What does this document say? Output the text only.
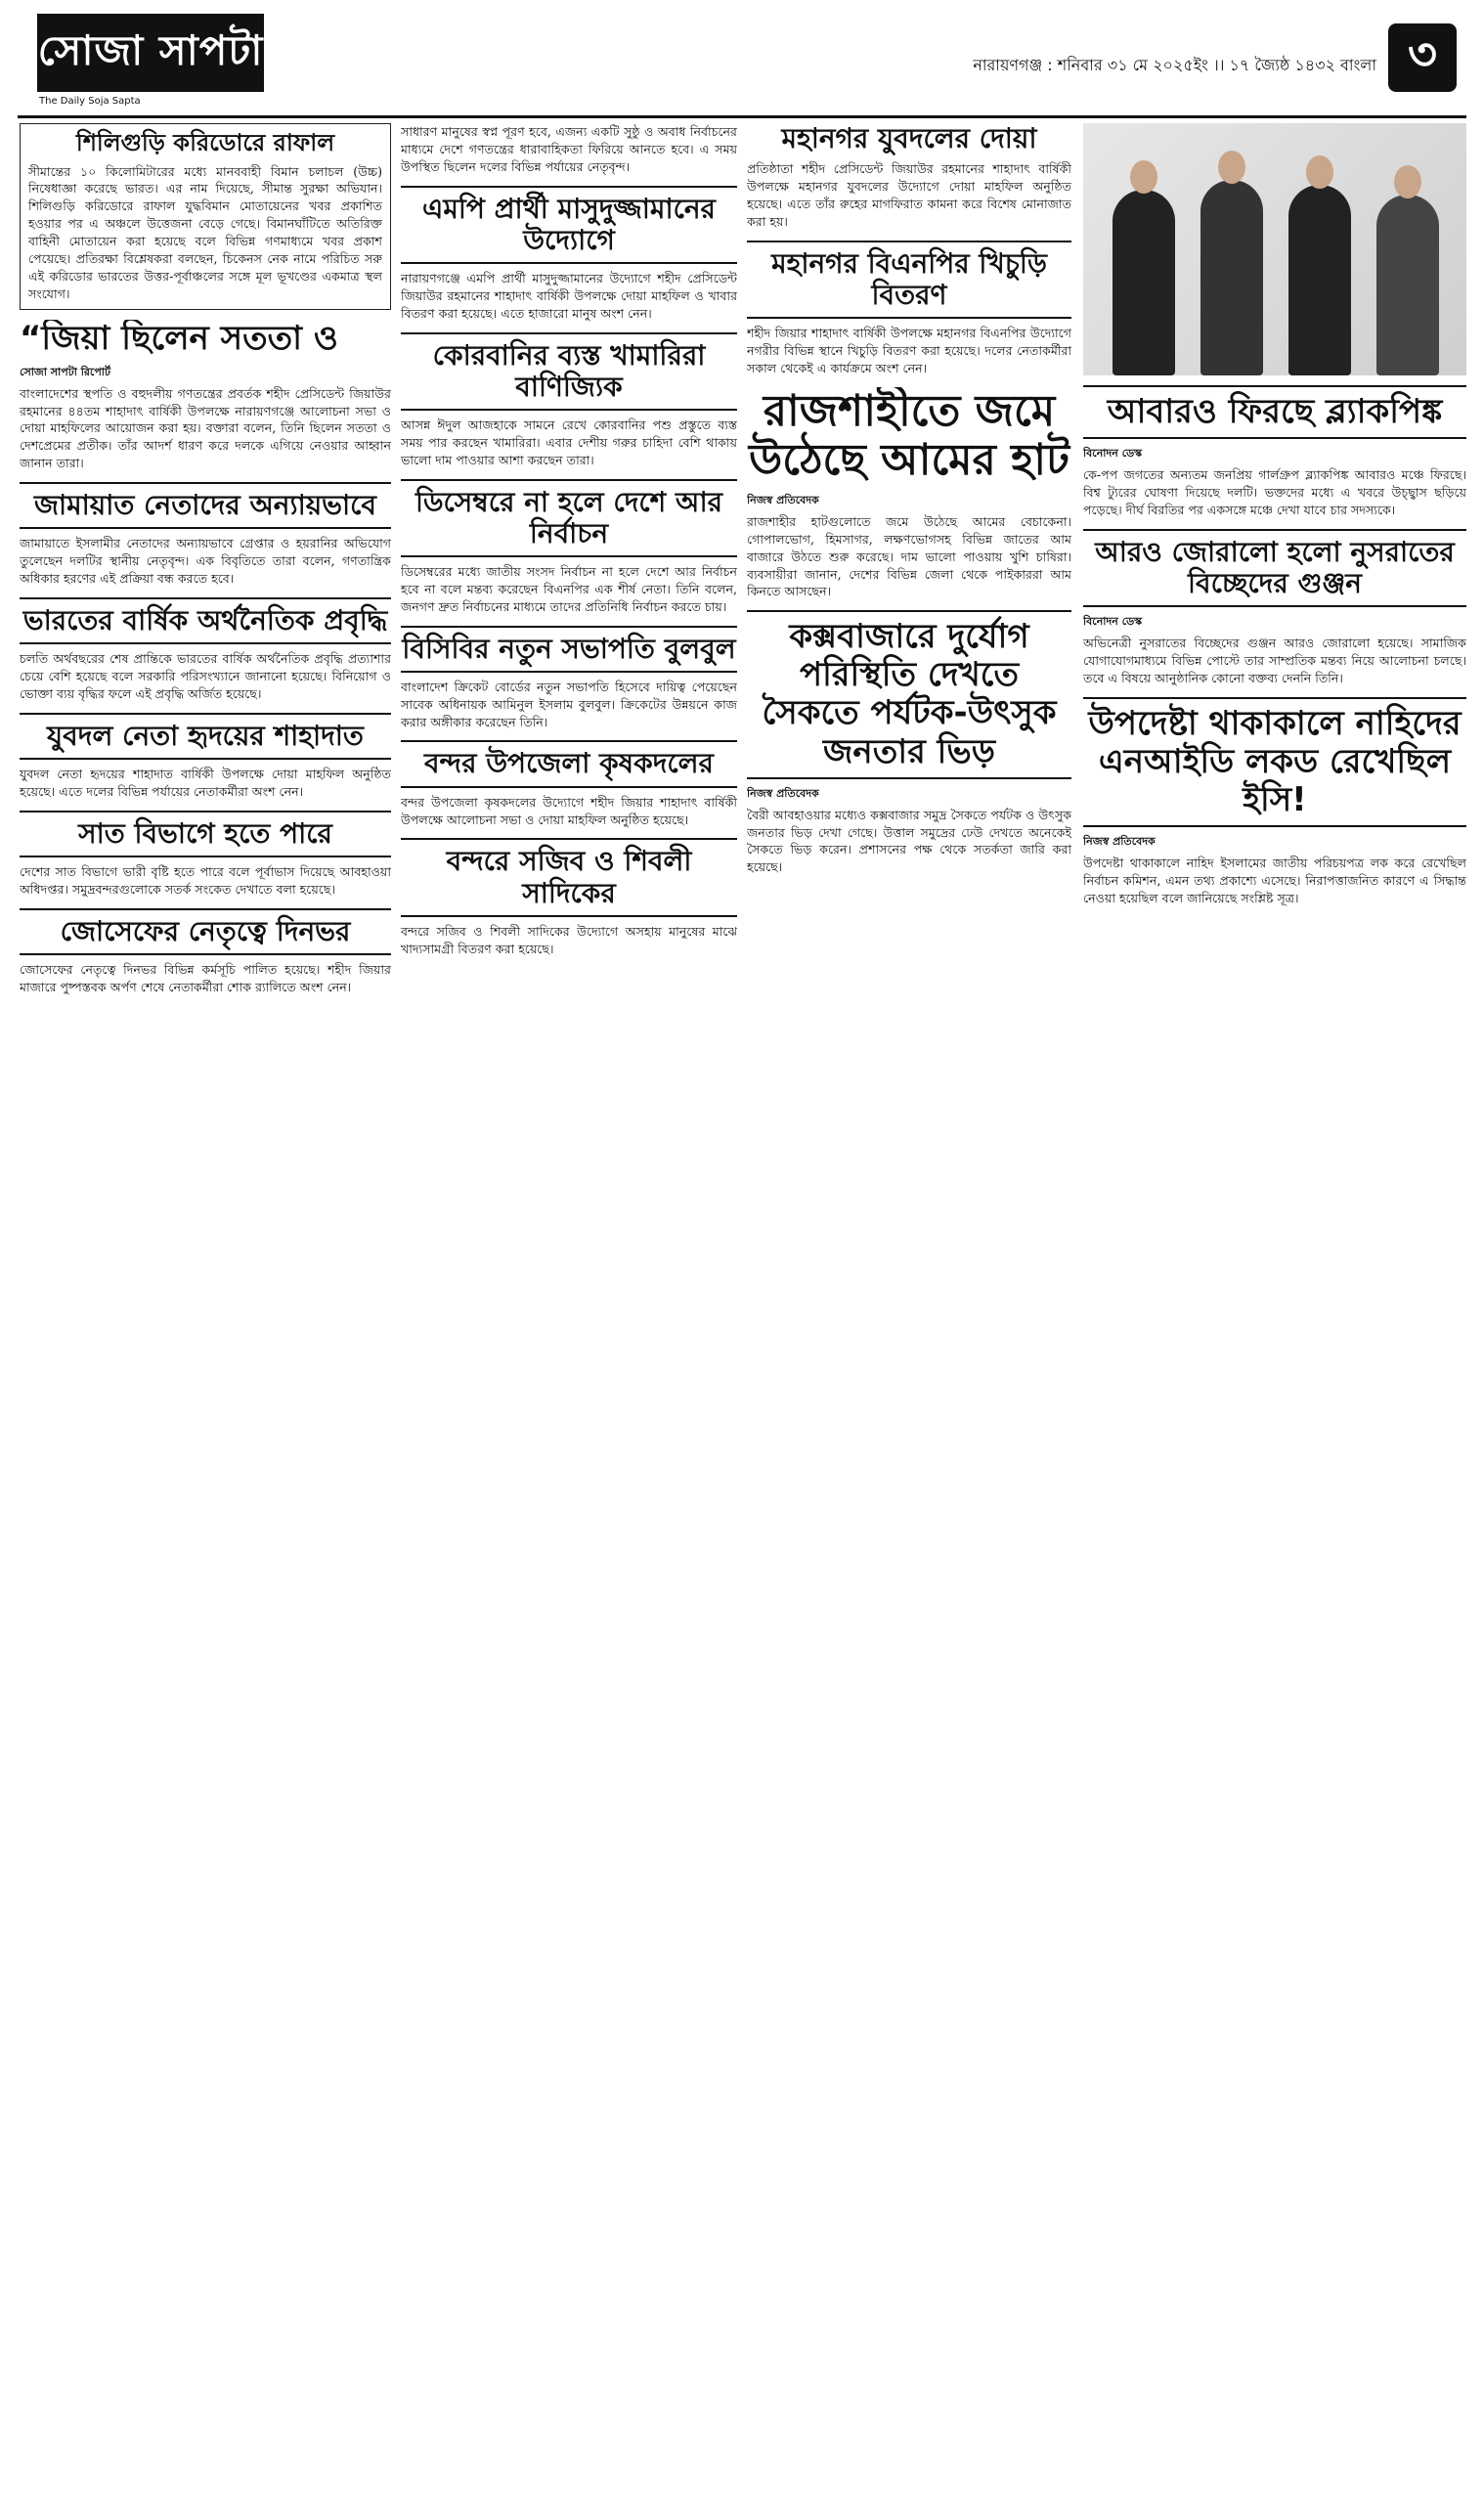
সোজা সাপটা
The Daily Soja Sapta
নারায়ণগঞ্জ : শনিবার ৩১ মে ২০২৫ইং ।। ১৭ জ্যৈষ্ঠ ১৪৩২ বাংলা ৩
শিলিগুড়ি করিডোরে রাফাল
সীমান্তের ১০ কিলোমিটারের মধ্যে মানববাহী বিমান চলাচল (উচ্চ) নিষেধাজ্ঞা করেছে ভারত। এর নাম দিয়েছে, সীমান্ত সুরক্ষা অভিযান। শিলিগুড়ি করিডোরে রাফাল যুদ্ধবিমান মোতায়েনের খবর প্রকাশিত হওয়ার পর এ অঞ্চলে উত্তেজনা বেড়ে গেছে। বিমানঘাঁটিতে অতিরিক্ত বাহিনী মোতায়েন করা হয়েছে বলে বিভিন্ন গণমাধ্যমে খবর প্রকাশ পেয়েছে। প্রতিরক্ষা বিশ্লেষকরা বলছেন, চিকেনস নেক নামে পরিচিত সরু এই করিডোর ভারতের উত্তর-পূর্বাঞ্চলের সঙ্গে মূল ভূখণ্ডের একমাত্র স্থল সংযোগ।
“জিয়া ছিলেন সততা ও
সোজা সাপটা রিপোর্ট
বাংলাদেশের স্থপতি ও বহুদলীয় গণতন্ত্রের প্রবর্তক শহীদ প্রেসিডেন্ট জিয়াউর রহমানের ৪৪তম শাহাদাৎ বার্ষিকী উপলক্ষে নারায়ণগঞ্জে আলোচনা সভা ও দোয়া মাহফিলের আয়োজন করা হয়। বক্তারা বলেন, তিনি ছিলেন সততা ও দেশপ্রেমের প্রতীক। তাঁর আদর্শ ধারণ করে দলকে এগিয়ে নেওয়ার আহ্বান জানান তারা।
জামায়াত নেতাদের অন্যায়ভাবে
জামায়াতে ইসলামীর নেতাদের অন্যায়ভাবে গ্রেপ্তার ও হয়রানির অভিযোগ তুলেছেন দলটির স্থানীয় নেতৃবৃন্দ। এক বিবৃতিতে তারা বলেন, গণতান্ত্রিক অধিকার হরণের এই প্রক্রিয়া বন্ধ করতে হবে।
ভারতের বার্ষিক অর্থনৈতিক প্রবৃদ্ধি
চলতি অর্থবছরের শেষ প্রান্তিকে ভারতের বার্ষিক অর্থনৈতিক প্রবৃদ্ধি প্রত্যাশার চেয়ে বেশি হয়েছে বলে সরকারি পরিসংখ্যানে জানানো হয়েছে। বিনিয়োগ ও ভোক্তা ব্যয় বৃদ্ধির ফলে এই প্রবৃদ্ধি অর্জিত হয়েছে।
যুবদল নেতা হৃদয়ের শাহাদাত
যুবদল নেতা হৃদয়ের শাহাদাত বার্ষিকী উপলক্ষে দোয়া মাহফিল অনুষ্ঠিত হয়েছে। এতে দলের বিভিন্ন পর্যায়ের নেতাকর্মীরা অংশ নেন।
সাত বিভাগে হতে পারে
দেশের সাত বিভাগে ভারী বৃষ্টি হতে পারে বলে পূর্বাভাস দিয়েছে আবহাওয়া অধিদপ্তর। সমুদ্রবন্দরগুলোকে সতর্ক সংকেত দেখাতে বলা হয়েছে।
জোসেফের নেতৃত্বে দিনভর
জোসেফের নেতৃত্বে দিনভর বিভিন্ন কর্মসূচি পালিত হয়েছে। শহীদ জিয়ার মাজারে পুষ্পস্তবক অর্পণ শেষে নেতাকর্মীরা শোক র‍্যালিতে অংশ নেন।
সাধারণ মানুষের স্বপ্ন পূরণ হবে, এজন্য একটি সুষ্ঠু ও অবাধ নির্বাচনের মাধ্যমে দেশে গণতন্ত্রের ধারাবাহিকতা ফিরিয়ে আনতে হবে। এ সময় উপস্থিত ছিলেন দলের বিভিন্ন পর্যায়ের নেতৃবৃন্দ।
এমপি প্রার্থী মাসুদুজ্জামানের উদ্যোগে
নারায়ণগঞ্জে এমপি প্রার্থী মাসুদুজ্জামানের উদ্যোগে শহীদ প্রেসিডেন্ট জিয়াউর রহমানের শাহাদাৎ বার্ষিকী উপলক্ষে দোয়া মাহফিল ও খাবার বিতরণ করা হয়েছে। এতে হাজারো মানুষ অংশ নেন।
কোরবানির ব্যস্ত খামারিরা বাণিজ্যিক
আসন্ন ঈদুল আজহাকে সামনে রেখে কোরবানির পশু প্রস্তুতে ব্যস্ত সময় পার করছেন খামারিরা। এবার দেশীয় গরুর চাহিদা বেশি থাকায় ভালো দাম পাওয়ার আশা করছেন তারা।
ডিসেম্বরে না হলে দেশে আর নির্বাচন
ডিসেম্বরের মধ্যে জাতীয় সংসদ নির্বাচন না হলে দেশে আর নির্বাচন হবে না বলে মন্তব্য করেছেন বিএনপির এক শীর্ষ নেতা। তিনি বলেন, জনগণ দ্রুত নির্বাচনের মাধ্যমে তাদের প্রতিনিধি নির্বাচন করতে চায়।
বিসিবির নতুন সভাপতি বুলবুল
বাংলাদেশ ক্রিকেট বোর্ডের নতুন সভাপতি হিসেবে দায়িত্ব পেয়েছেন সাবেক অধিনায়ক আমিনুল ইসলাম বুলবুল। ক্রিকেটের উন্নয়নে কাজ করার অঙ্গীকার করেছেন তিনি।
বন্দর উপজেলা কৃষকদলের
বন্দর উপজেলা কৃষকদলের উদ্যোগে শহীদ জিয়ার শাহাদাৎ বার্ষিকী উপলক্ষে আলোচনা সভা ও দোয়া মাহফিল অনুষ্ঠিত হয়েছে।
বন্দরে সজিব ও শিবলী সাদিকের
বন্দরে সজিব ও শিবলী সাদিকের উদ্যোগে অসহায় মানুষের মাঝে খাদ্যসামগ্রী বিতরণ করা হয়েছে।
মহানগর যুবদলের দোয়া
প্রতিষ্ঠাতা শহীদ প্রেসিডেন্ট জিয়াউর রহমানের শাহাদাৎ বার্ষিকী উপলক্ষে মহানগর যুবদলের উদ্যোগে দোয়া মাহফিল অনুষ্ঠিত হয়েছে। এতে তাঁর রুহের মাগফিরাত কামনা করে বিশেষ মোনাজাত করা হয়।
মহানগর বিএনপির খিচুড়ি বিতরণ
শহীদ জিয়ার শাহাদাৎ বার্ষিকী উপলক্ষে মহানগর বিএনপির উদ্যোগে নগরীর বিভিন্ন স্থানে খিচুড়ি বিতরণ করা হয়েছে। দলের নেতাকর্মীরা সকাল থেকেই এ কার্যক্রমে অংশ নেন।
রাজশাহীতে জমে উঠেছে আমের হাট
নিজস্ব প্রতিবেদক
রাজশাহীর হাটগুলোতে জমে উঠেছে আমের বেচাকেনা। গোপালভোগ, হিমসাগর, লক্ষণভোগসহ বিভিন্ন জাতের আম বাজারে উঠতে শুরু করেছে। দাম ভালো পাওয়ায় খুশি চাষিরা। ব্যবসায়ীরা জানান, দেশের বিভিন্ন জেলা থেকে পাইকাররা আম কিনতে আসছেন।
কক্সবাজারে দুর্যোগ পরিস্থিতি দেখতে সৈকতে পর্যটক-উৎসুক জনতার ভিড়
নিজস্ব প্রতিবেদক
বৈরী আবহাওয়ার মধ্যেও কক্সবাজার সমুদ্র সৈকতে পর্যটক ও উৎসুক জনতার ভিড় দেখা গেছে। উত্তাল সমুদ্রের ঢেউ দেখতে অনেকেই সৈকতে ভিড় করেন। প্রশাসনের পক্ষ থেকে সতর্কতা জারি করা হয়েছে।
আবারও ফিরছে ব্ল্যাকপিঙ্ক
বিনোদন ডেস্ক
কে-পপ জগতের অন্যতম জনপ্রিয় গার্লগ্রুপ ব্ল্যাকপিঙ্ক আবারও মঞ্চে ফিরছে। বিশ্ব ট্যুরের ঘোষণা দিয়েছে দলটি। ভক্তদের মধ্যে এ খবরে উচ্ছ্বাস ছড়িয়ে পড়েছে। দীর্ঘ বিরতির পর একসঙ্গে মঞ্চে দেখা যাবে চার সদস্যকে।
আরও জোরালো হলো নুসরাতের বিচ্ছেদের গুঞ্জন
বিনোদন ডেস্ক
অভিনেত্রী নুসরাতের বিচ্ছেদের গুঞ্জন আরও জোরালো হয়েছে। সামাজিক যোগাযোগমাধ্যমে বিভিন্ন পোস্টে তার সাম্প্রতিক মন্তব্য নিয়ে আলোচনা চলছে। তবে এ বিষয়ে আনুষ্ঠানিক কোনো বক্তব্য দেননি তিনি।
উপদেষ্টা থাকাকালে নাহিদের এনআইডি লকড রেখেছিল ইসি!
নিজস্ব প্রতিবেদক
উপদেষ্টা থাকাকালে নাহিদ ইসলামের জাতীয় পরিচয়পত্র লক করে রেখেছিল নির্বাচন কমিশন, এমন তথ্য প্রকাশ্যে এসেছে। নিরাপত্তাজনিত কারণে এ সিদ্ধান্ত নেওয়া হয়েছিল বলে জানিয়েছে সংশ্লিষ্ট সূত্র।
